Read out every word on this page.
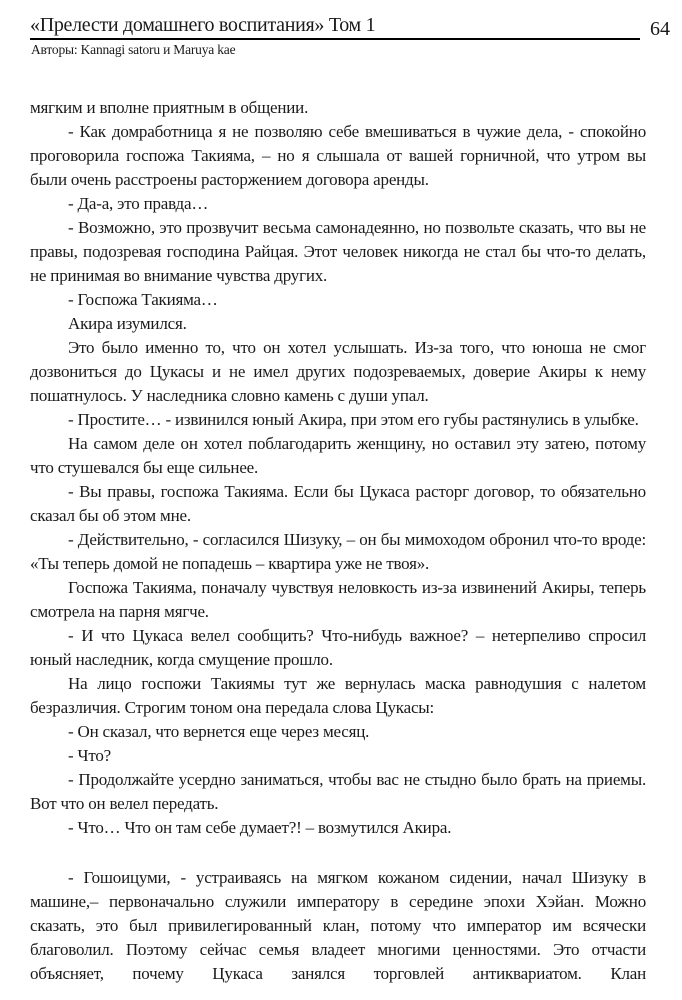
«Прелести домашнего воспитания» Том 1	64
Авторы: Kannagi satoru и Maruya kae

мягким и вполне приятным в общении.

- Как домработница я не позволяю себе вмешиваться в чужие дела, - спокойно проговорила госпожа Такияма, – но я слышала от вашей горничной, что утром вы были очень расстроены расторжением договора аренды.

- Да-а, это правда…

- Возможно, это прозвучит весьма самонадеянно, но позвольте сказать, что вы не правы, подозревая господина Райцая. Этот человек никогда не стал бы что-то делать, не принимая во внимание чувства других.

- Госпожа Такияма…

Акира изумился.

Это было именно то, что он хотел услышать. Из-за того, что юноша не смог дозвониться до Цукасы и не имел других подозреваемых, доверие Акиры к нему пошатнулось. У наследника словно камень с души упал.

- Простите… - извинился юный Акира, при этом его губы растянулись в улыбке.

На самом деле он хотел поблагодарить женщину, но оставил эту затею, потому что стушевался бы еще сильнее.

- Вы правы, госпожа Такияма. Если бы Цукаса расторг договор, то обязательно сказал бы об этом мне.

- Действительно, - согласился Шизуку, – он бы мимоходом обронил что-то вроде: «Ты теперь домой не попадешь – квартира уже не твоя».

Госпожа Такияма, поначалу чувствуя неловкость из-за извинений Акиры, теперь смотрела на парня мягче.

- И что Цукаса велел сообщить? Что-нибудь важное? – нетерпеливо спросил юный наследник, когда смущение прошло.

На лицо госпожи Такиямы тут же вернулась маска равнодушия с налетом безразличия. Строгим тоном она передала слова Цукасы:

- Он сказал, что вернется еще через месяц.

- Что?

- Продолжайте усердно заниматься, чтобы вас не стыдно было брать на приемы. Вот что он велел передать.

- Что… Что он там себе думает?! – возмутился Акира.

- Гошоицуми, - устраиваясь на мягком кожаном сидении, начал Шизуку в машине,– первоначально служили императору в середине эпохи Хэйан. Можно сказать, это был привилегированный клан, потому что император им всячески благоволил. Поэтому сейчас семья владеет многими ценностями. Это отчасти объясняет, почему Цукаса занялся торговлей антиквариатом. Клан
